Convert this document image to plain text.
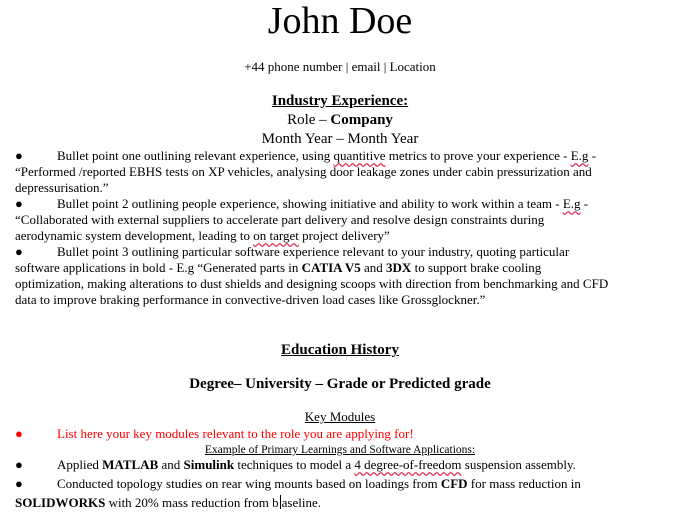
John Doe
+44 phone number | email | Location
Industry Experience:
Role – Company
Month Year – Month Year
●	Bullet point one outlining relevant experience, using quantitive metrics to prove your experience - E.g -
“Performed /reported EBHS tests on XP vehicles, analysing door leakage zones under cabin pressurization and
depressurisation.”
●	Bullet point 2 outlining people experience, showing initiative and ability to work within a team - E.g -
“Collaborated with external suppliers to accelerate part delivery and resolve design constraints during
aerodynamic system development, leading to on target project delivery”
●	Bullet point 3 outlining particular software experience relevant to your industry, quoting particular
software applications in bold - E.g “Generated parts in CATIA V5 and 3DX to support brake cooling
optimization, making alterations to dust shields and designing scoops with direction from benchmarking and CFD
data to improve braking performance in convective-driven load cases like Grossglockner.”
Education History
Degree– University – Grade or Predicted grade
Key Modules
●	List here your key modules relevant to the role you are applying for!
Example of Primary Learnings and Software Applications:
●	Applied MATLAB and Simulink techniques to model a 4 degree-of-freedom suspension assembly.
●	Conducted topology studies on rear wing mounts based on loadings from CFD for mass reduction in
SOLIDWORKS with 20% mass reduction from b aseline.
